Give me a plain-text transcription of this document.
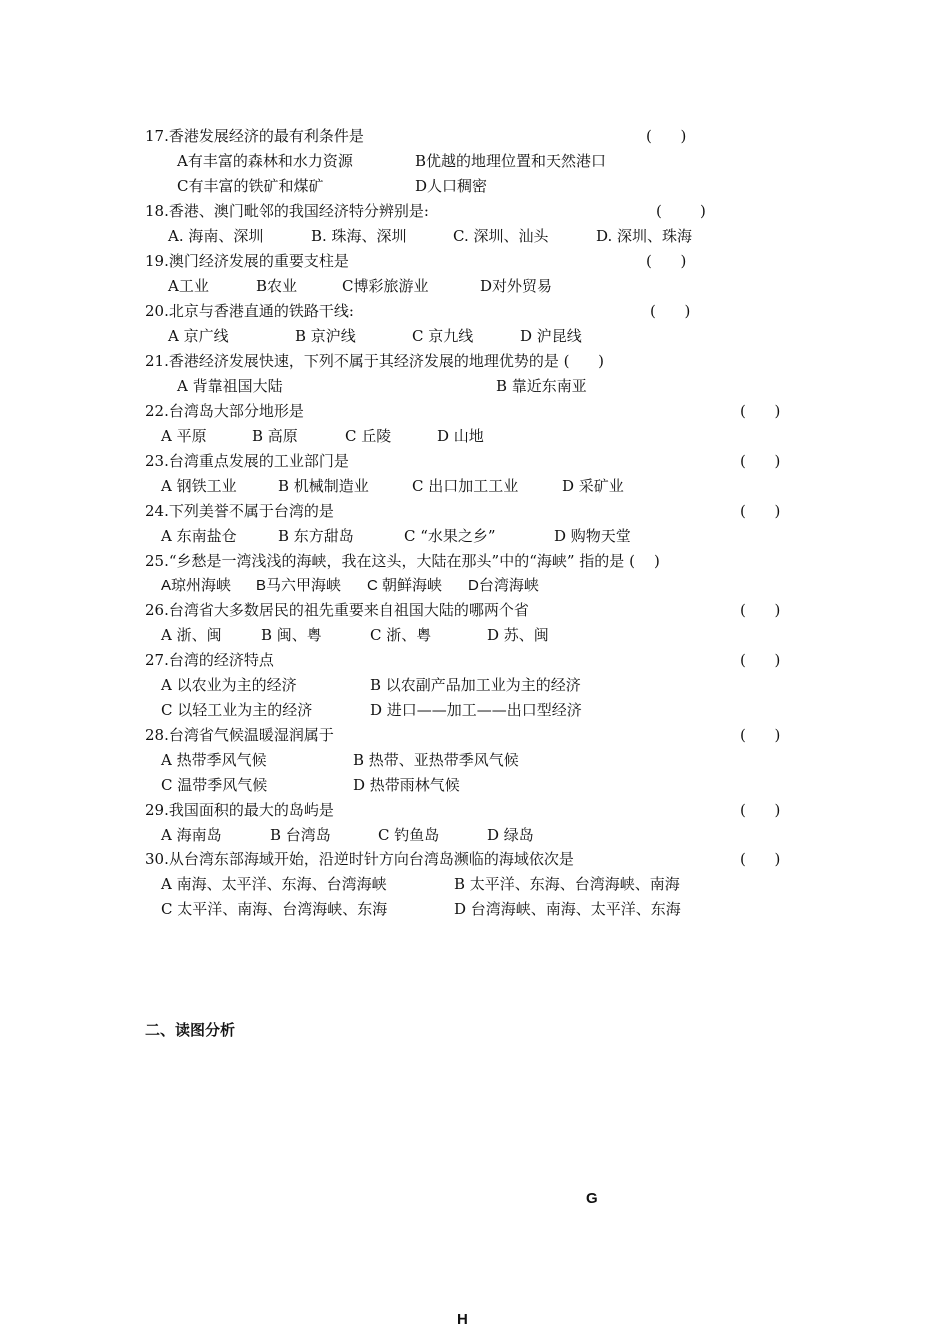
17.香港发展经济的最有利条件是	(      )
A有丰富的森林和水力资源	B优越的地理位置和天然港口
C有丰富的铁矿和煤矿	D人口稠密
18.香港、澳门毗邻的我国经济特分辨别是:	(        )
A. 海南、深圳	B. 珠海、深圳	C. 深圳、汕头	D. 深圳、珠海
19.澳门经济发展的重要支柱是	(      )
A工业	B农业	C博彩旅游业	D对外贸易
20.北京与香港直通的铁路干线:	(      )
A 京广线	B 京沪线	C 京九线	D 沪昆线
21.香港经济发展快速，下列不属于其经济发展的地理优势的是 (      )
A 背靠祖国大陆	B 靠近东南亚
22.台湾岛大部分地形是	(      )
A 平原	B 高原	C 丘陵	D 山地
23.台湾重点发展的工业部门是	(      )
A 钢铁工业	B 机械制造业	C 出口加工工业	D 采矿业
24.下列美誉不属于台湾的是	(      )
A 东南盐仓	B 东方甜岛	C “水果之乡”	D 购物天堂
25.“乡愁是一湾浅浅的海峡，我在这头，大陆在那头”中的“海峡” 指的是 (    )
A琼州海峡 B马六甲海峡 C 朝鲜海峡 D台湾海峡
26.台湾省大多数居民的祖先重要来自祖国大陆的哪两个省	(      )
A 浙、闽	B 闽、粤	C 浙、粤	D 苏、闽
27.台湾的经济特点	(      )
A 以农业为主的经济	B 以农副产品加工业为主的经济
C 以轻工业为主的经济	D 进口——加工——出口型经济
28.台湾省气候温暖湿润属于	(      )
A 热带季风气候	B 热带、亚热带季风气候
C 温带季风气候	D 热带雨林气候
29.我国面积的最大的岛屿是	(      )
A 海南岛	B 台湾岛	C 钓鱼岛	D 绿岛
30.从台湾东部海域开始，沿逆时针方向台湾岛濒临的海域依次是	(      )
A 南海、太平洋、东海、台湾海峡	B 太平洋、东海、台湾海峡、南海
C 太平洋、南海、台湾海峡、东海	D 台湾海峡、南海、太平洋、东海
二、读图分析
G
H
